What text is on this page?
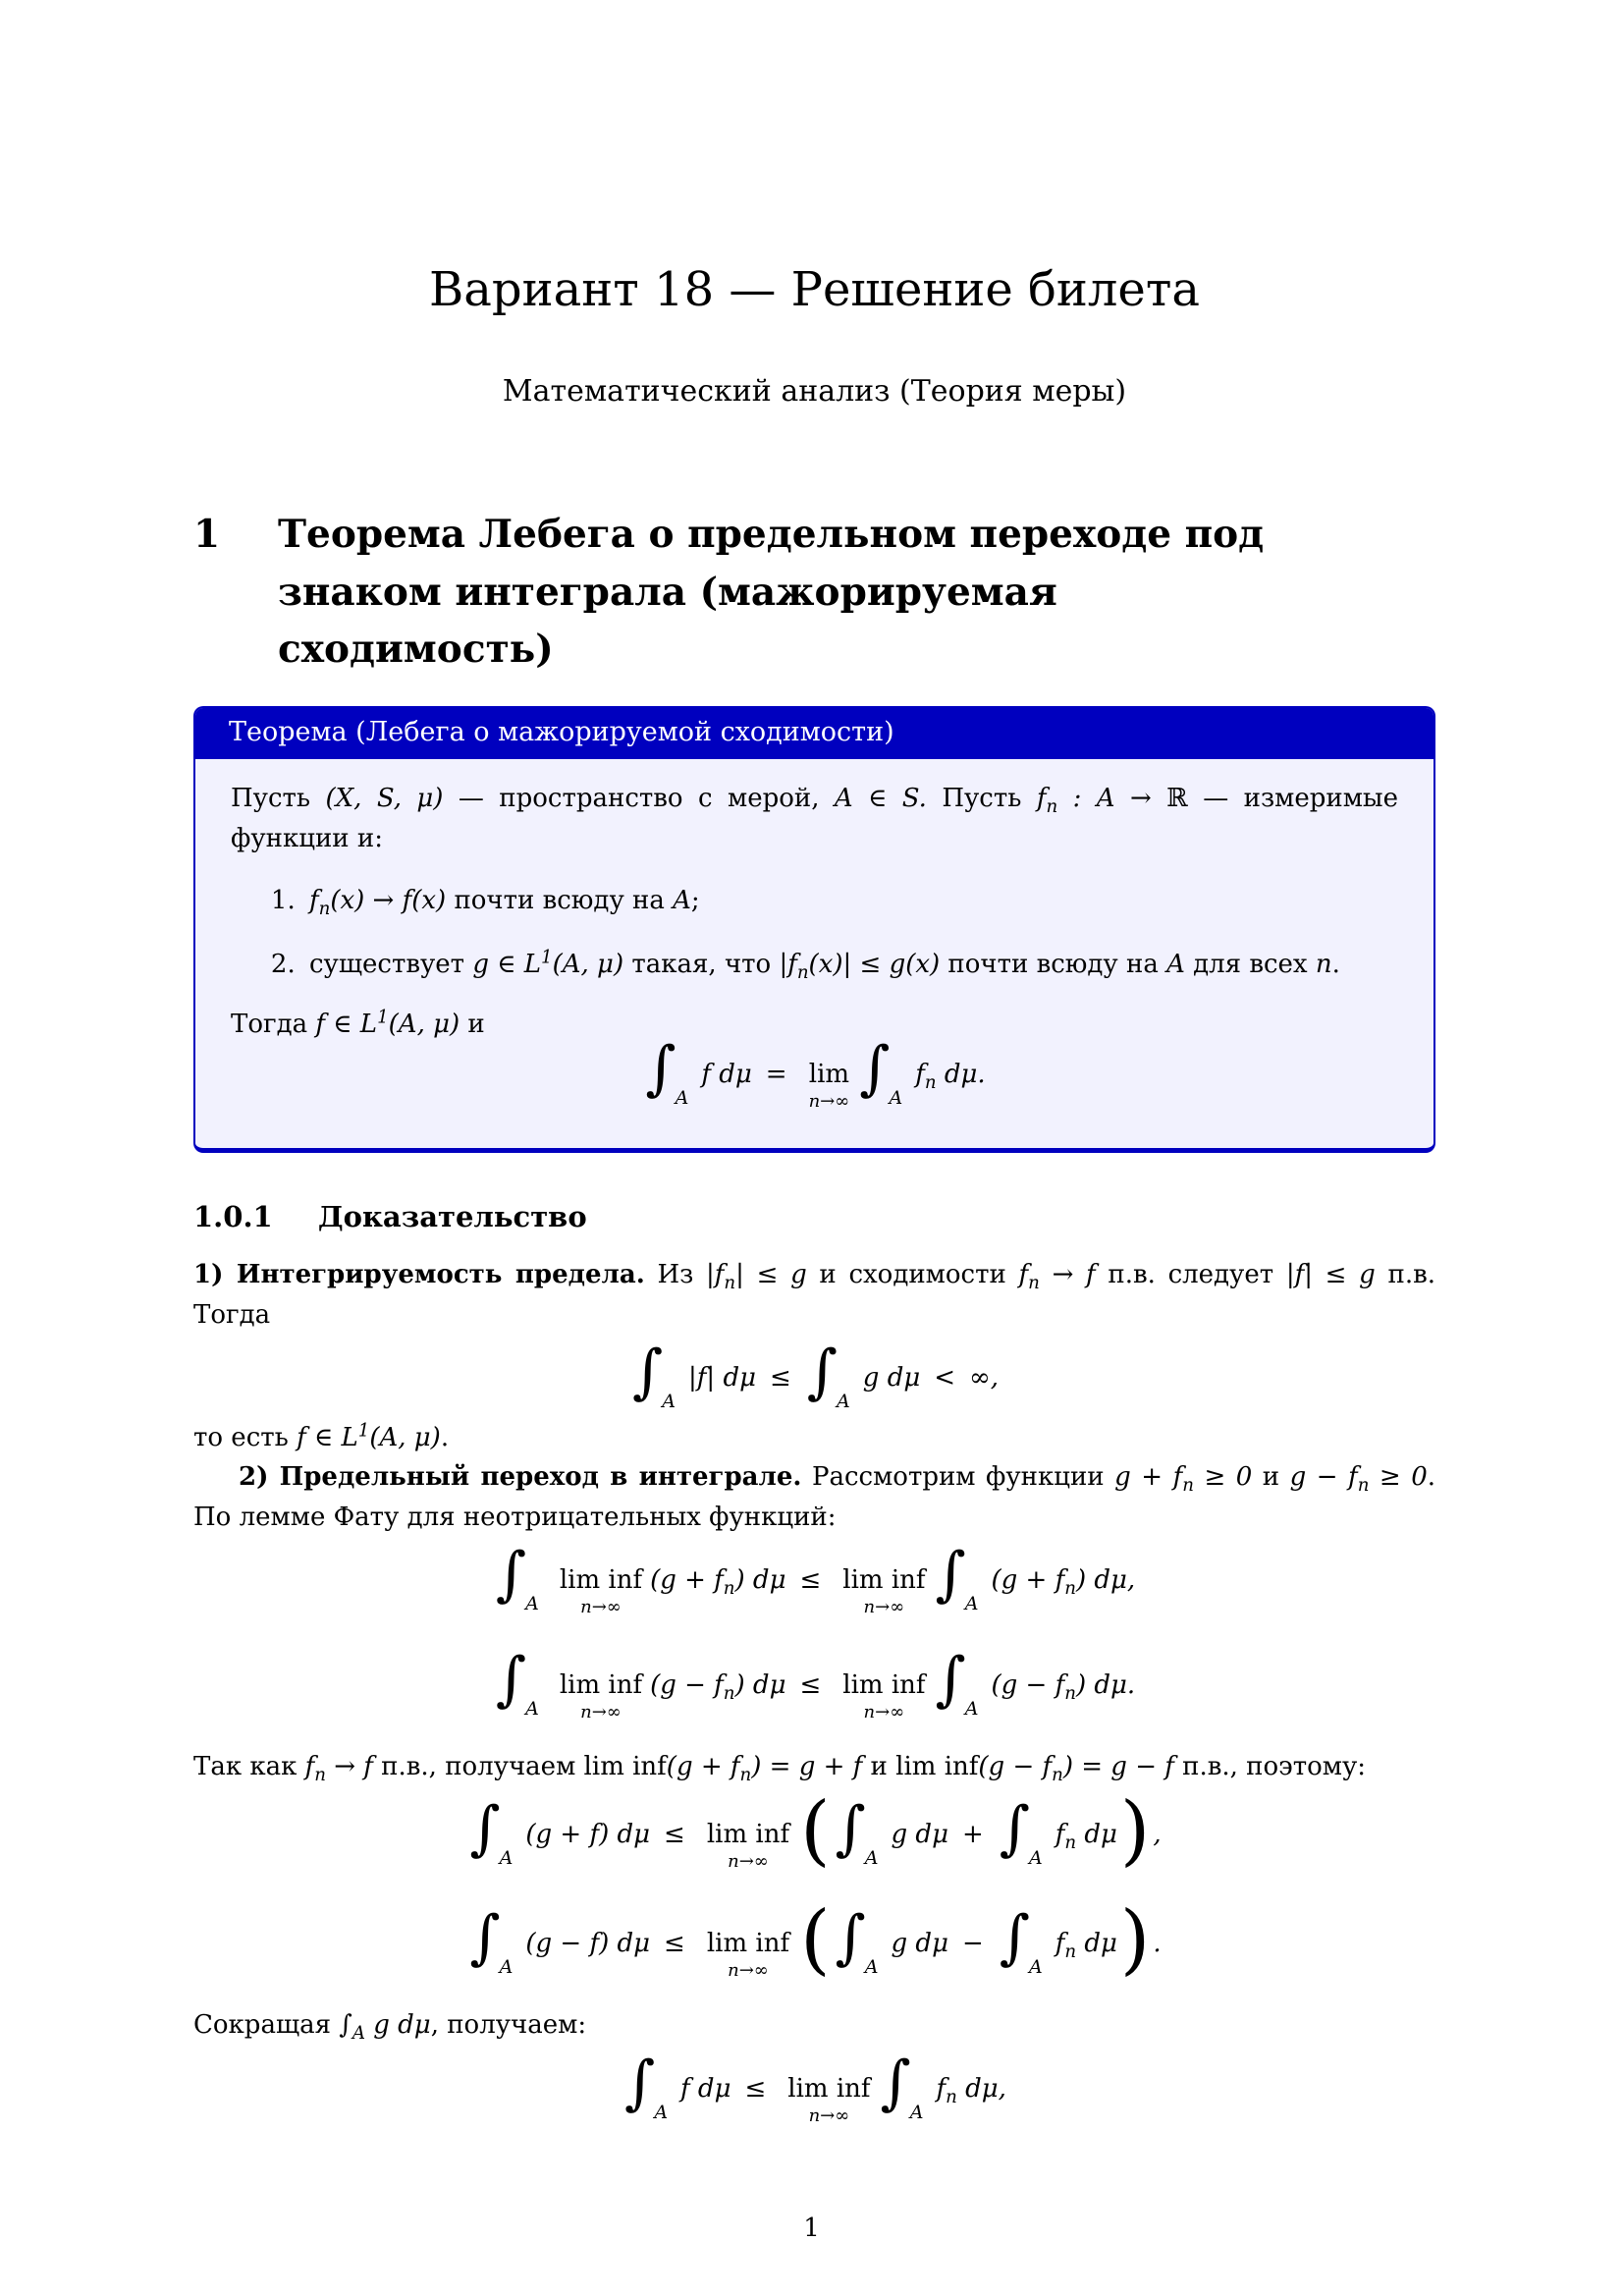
Вариант 18 — Решение билета
Математический анализ (Теория меры)
1	Теорема Лебега о предельном переходе под знаком интеграла (мажорируемая сходимость)
Теорема (Лебега о мажорируемой сходимости)

Пусть (X, S, μ) — пространство с мерой, A ∈ S. Пусть $f_n$ : A → ℝ — измеримые функции и:

1. $f_n(x) \to f(x)$ почти всюду на A;
2. существует g ∈ $L^1(A$, μ) такая, что $|f_n(x)| \le g(x)$ почти всюду на A для всех n.

Тогда f ∈ $L^1(A$, μ) и

∫ A
f dμ = lim
n→∞ ∫ A
$f_n$ dμ.
1.0.1 Доказательство

1) Интегрируемость предела. Из $|f_n| \le g$ и сходимости $f_n \to f$ п.в. следует |f| ≤ g п.в. Тогда

∫ A
|f| dμ ≤ ∫ A
g dμ < ∞,

то есть f ∈ $L^1(A$, μ).

2) Предельный переход в интеграле. Рассмотрим функции $g + f_n \ge 0$ и $g - f_n \ge 0$. По лемме Фату для неотрицательных функций:

∫ A
lim inf
n→∞
$(g + f_n)$ dμ ≤ lim inf
n→∞ ∫ A
$(g + f_n)$ dμ,
∫ A
lim inf
n→∞
$(g - f_n)$ dμ ≤ lim inf
n→∞ ∫ A
$(g - f_n)$ dμ.

Так как $f_n \to f$ п.в., получаем $\lim inf(g + f_n) = g + f$ и $\lim inf(g - f_n) = g - f$ п.в., поэтому:

∫ A
(g + f) dμ ≤ lim inf
n→∞ ( ∫ A
g dμ + ∫ A
$f_n$ dμ ) ,
∫ A
(g − f) dμ ≤ lim inf
n→∞ ( ∫ A
g dμ − ∫ A
$f_n$ dμ ) .

Сокращая $\int_A$ g dμ, получаем:

∫ A
f dμ ≤ lim inf
n→∞ ∫ A
$f_n$ dμ,
1
